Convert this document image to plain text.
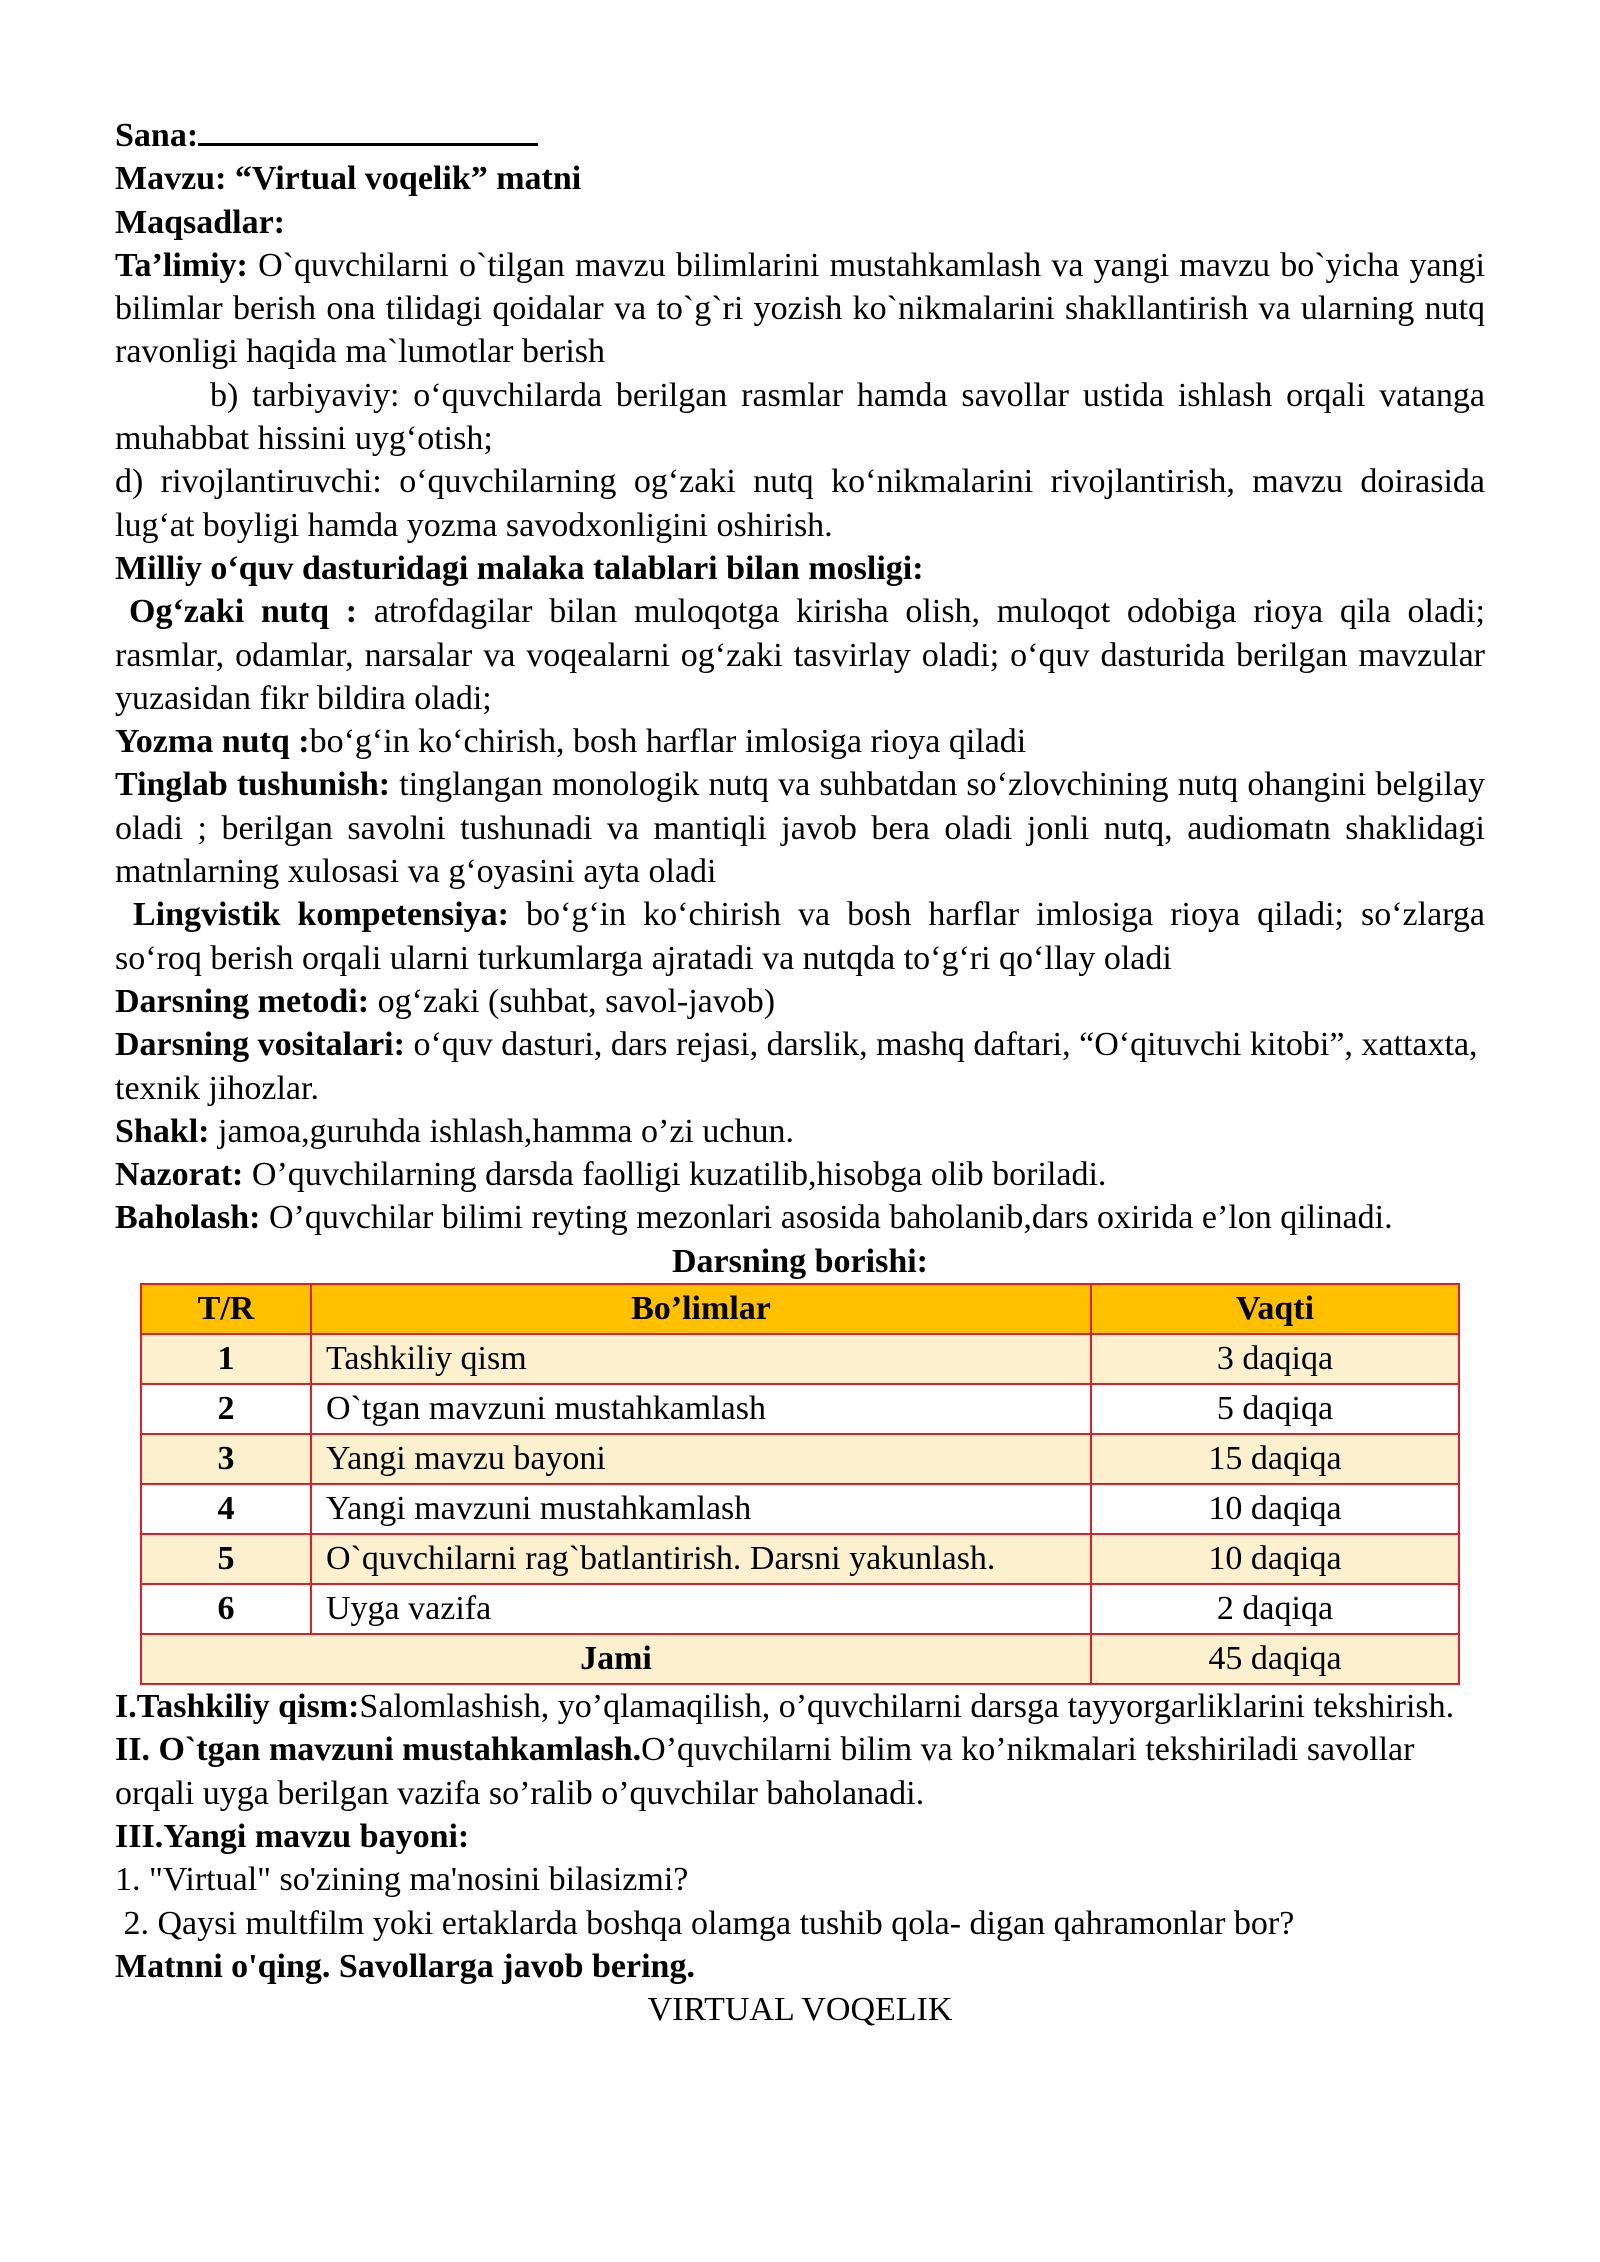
Sana:

Mavzu: “Virtual voqelik” matni

Maqsadlar:

Ta’limiy: O`quvchilarni o`tilgan mavzu bilimlarini mustahkamlash va yangi mavzu bo`yicha yangi bilimlar berish ona tilidagi qoidalar va to`g`ri yozish ko`nikmalarini shakllantirish va ularning nutq ravonligi haqida ma`lumotlar berish

b) tarbiyaviy: o‘quvchilarda berilgan rasmlar hamda savollar ustida ishlash orqali vatanga muhabbat hissini uyg‘otish;

d) rivojlantiruvchi: o‘quvchilarning og‘zaki nutq ko‘nikmalarini rivojlantirish, mavzu doirasida lug‘at boyligi hamda yozma savodxonligini oshirish.

Milliy o‘quv dasturidagi malaka talablari bilan mosligi:

Og‘zaki nutq : atrofdagilar bilan muloqotga kirisha olish, muloqot odobiga rioya qila oladi; rasmlar, odamlar, narsalar va voqealarni og‘zaki tasvirlay oladi; o‘quv dasturida berilgan mavzular yuzasidan fikr bildira oladi;

Yozma nutq :bo‘g‘in ko‘chirish, bosh harflar imlosiga rioya qiladi

Tinglab tushunish: tinglangan monologik nutq va suhbatdan so‘zlovchining nutq ohangini belgilay oladi ; berilgan savolni tushunadi va mantiqli javob bera oladi jonli nutq, audiomatn shaklidagi matnlarning xulosasi va g‘oyasini ayta oladi

Lingvistik kompetensiya: bo‘g‘in ko‘chirish va bosh harflar imlosiga rioya qiladi; so‘zlarga so‘roq berish orqali ularni turkumlarga ajratadi va nutqda to‘g‘ri qo‘llay oladi

Darsning metodi: og‘zaki (suhbat, savol-javob)

Darsning vositalari: o‘quv dasturi, dars rejasi, darslik, mashq daftari, “O‘qituvchi kitobi”, xattaxta, texnik jihozlar.

Shakl: jamoa,guruhda ishlash,hamma o’zi uchun.

Nazorat: O’quvchilarning darsda faolligi kuzatilib,hisobga olib boriladi.

Baholash: O’quvchilar bilimi reyting mezonlari asosida baholanib,dars oxirida e’lon qilinadi.

Darsning borishi:

T/R	Bo’limlar	Vaqti
1	Tashkiliy qism	3 daqiqa
2	O`tgan mavzuni mustahkamlash	5 daqiqa
3	Yangi mavzu bayoni	15 daqiqa
4	Yangi mavzuni mustahkamlash	10 daqiqa
5	O`quvchilarni rag`batlantirish. Darsni yakunlash.	10 daqiqa
6	Uyga vazifa	2 daqiqa
Jami		45 daqiqa

I.Tashkiliy qism:Salomlashish, yo’qlamaqilish, o’quvchilarni darsga tayyorgarliklarini tekshirish.

II. O`tgan mavzuni mustahkamlash.O’quvchilarni bilim va ko’nikmalari tekshiriladi savollar orqali uyga berilgan vazifa so’ralib o’quvchilar baholanadi.

III.Yangi mavzu bayoni:

1. "Virtual" so'zining ma'nosini bilasizmi?

2. Qaysi multfilm yoki ertaklarda boshqa olamga tushib qola- digan qahramonlar bor?

Matnni o'qing. Savollarga javob bering.

VIRTUAL VOQELIK
